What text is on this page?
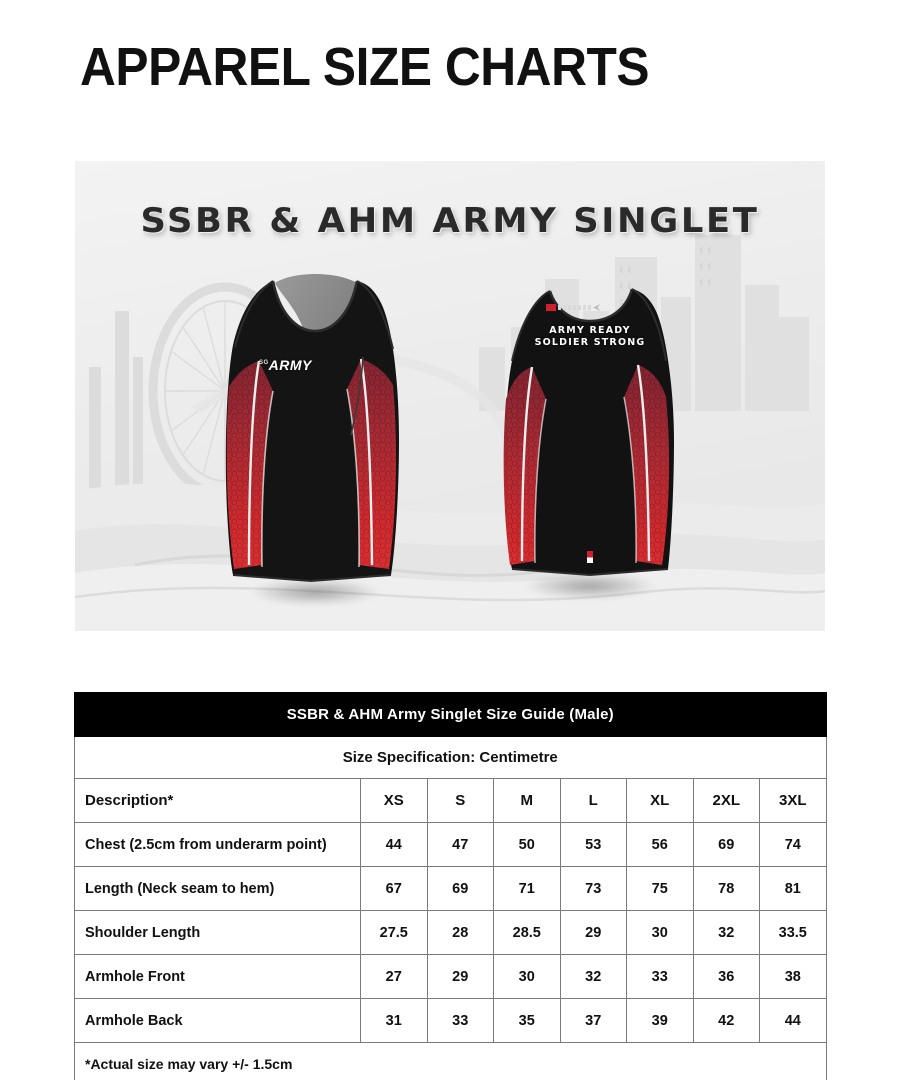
APPAREL SIZE CHARTS
SSBR & AHM ARMY SINGLET
$^{SG}$ARMY
ARMY READY
SOLDIER STRONG
SSBR & AHM Army Singlet Size Guide (Male)							
Size Specification: Centimetre							
Description*	XS	S	M	L	XL	2XL	3XL
Chest (2.5cm from underarm point)	44	47	50	53	56	69	74
Length (Neck seam to hem)	67	69	71	73	75	78	81
Shoulder Length	27.5	28	28.5	29	30	32	33.5
Armhole Front	27	29	30	32	33	36	38
Armhole Back	31	33	35	37	39	42	44
*Actual size may vary +/- 1.5cm							
